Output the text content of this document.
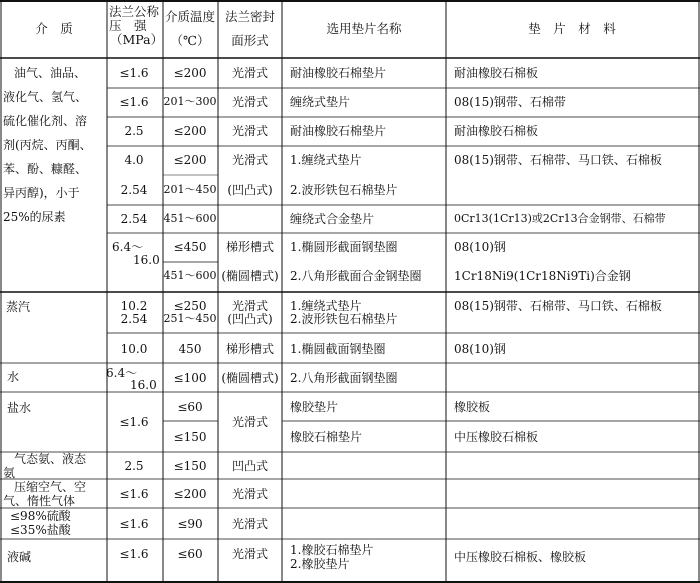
介　质
法兰公称
压　强
（MPa）
介质温度
（℃）
法兰密封
面形式
选用垫片名称	垫　片　材　料
油气、油品、
液化气、氢气、
硫化催化剂、溶
剂(丙烷、丙酮、
苯、酚、糠醛、
异丙醇)，小于
25%的尿素
蒸汽
水
盐水
气态氨、液态
氨
压缩空气、空
气、惰性气体
≤98%硫酸
≤35%盐酸
液碱
≤1.6
≤1.6
2.5
4.0
2.54
2.54
6.4～
16.0
10.2
2.54
10.0
6.4～
16.0
≤1.6
2.5
≤1.6
≤1.6
≤1.6
≤200
201～300
≤200
≤200
201～450
451～600
≤450
451～600
≤250
251～450
450
≤100
≤60
≤150
≤150
≤200
≤90
≤60
光滑式
光滑式
光滑式
光滑式
(凹凸式)
梯形槽式
(椭圆槽式)
光滑式
(凹凸式)
梯形槽式
(椭圆槽式)
光滑式
凹凸式
光滑式
光滑式
光滑式
耐油橡胶石棉垫片
缠绕式垫片
耐油橡胶石棉垫片
1.缠绕式垫片
2.波形铁包石棉垫片
缠绕式合金垫片
1.椭圆形截面钢垫圈
2.八角形截面合金钢垫圈
1.缠绕式垫片
2.波形铁包石棉垫片
1.椭圆截面钢垫圈
2.八角形截面钢垫圈
橡胶垫片
橡胶石棉垫片
1.橡胶石棉垫片
2.橡胶垫片
耐油橡胶石棉板
08(15)钢带、石棉带
耐油橡胶石棉板
08(15)钢带、石棉带、马口铁、石棉板
0Cr13(1Cr13)或2Cr13合金钢带、石棉带
08(10)钢
1Cr18Ni9(1Cr18Ni9Ti)合金钢
08(15)钢带、石棉带、马口铁、石棉板
08(10)钢
橡胶板
中压橡胶石棉板
中压橡胶石棉板、橡胶板
